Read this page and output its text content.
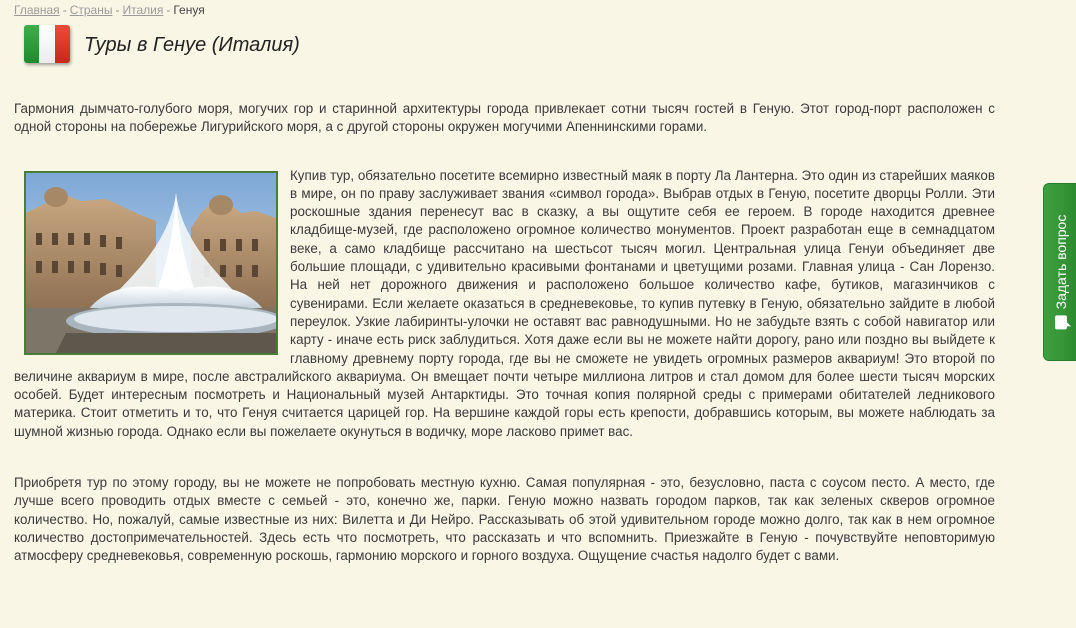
Главная - Страны - Италия - Генуя
Туры в Генуе (Италия)

Гармония дымчато-голубого моря, могучих гор и старинной архитектуры города привлекает сотни тысяч гостей в Геную. Этот город-порт расположен с одной стороны на побережье Лигурийского моря, а с другой стороны окружен могучими Апеннинскими горами.

Купив тур, обязательно посетите всемирно известный маяк в порту Ла Лантерна. Это один из старейших маяков в мире, он по праву заслуживает звания «символ города». Выбрав отдых в Геную, посетите дворцы Ролли. Эти роскошные здания перенесут вас в сказку, а вы ощутите себя ее героем. В городе находится древнее кладбище-музей, где расположено огромное количество монументов. Проект разработан еще в семнадцатом веке, а само кладбище рассчитано на шестьсот тысяч могил. Центральная улица Генуи объединяет две большие площади, с удивительно красивыми фонтанами и цветущими розами. Главная улица - Сан Лорензо. На ней нет дорожного движения и расположено большое количество кафе, бутиков, магазинчиков с сувенирами. Если желаете оказаться в средневековье, то купив путевку в Геную, обязательно зайдите в любой переулок. Узкие лабиринты-улочки не оставят вас равнодушными. Но не забудьте взять с собой навигатор или карту - иначе есть риск заблудиться. Хотя даже если вы не можете найти дорогу, рано или поздно вы выйдете к главному древнему порту города, где вы не сможете не увидеть огромных размеров аквариум! Это второй по величине аквариум в мире, после австралийского аквариума. Он вмещает почти четыре миллиона литров и стал домом для более шести тысяч морских особей. Будет интересным посмотреть и Национальный музей Антарктиды. Это точная копия полярной среды с примерами обитателей ледникового материка. Стоит отметить и то, что Генуя считается царицей гор. На вершине каждой горы есть крепости, добравшись которым, вы можете наблюдать за шумной жизнью города. Однако если вы пожелаете окунуться в водичку, море ласково примет вас.

Приобретя тур по этому городу, вы не можете не попробовать местную кухню. Самая популярная - это, безусловно, паста с соусом песто. А место, где лучше всего проводить отдых вместе с семьей - это, конечно же, парки. Геную можно назвать городом парков, так как зеленых скверов огромное количество. Но, пожалуй, самые известные из них: Вилетта и Ди Нейро. Рассказывать об этой удивительном городе можно долго, так как в нем огромное количество достопримечательностей. Здесь есть что посмотреть, что рассказать и что вспомнить. Приезжайте в Геную - почувствуйте неповторимую атмосферу средневековья, современную роскошь, гармонию морского и горного воздуха. Ощущение счастья надолго будет с вами.

Задать вопрос
